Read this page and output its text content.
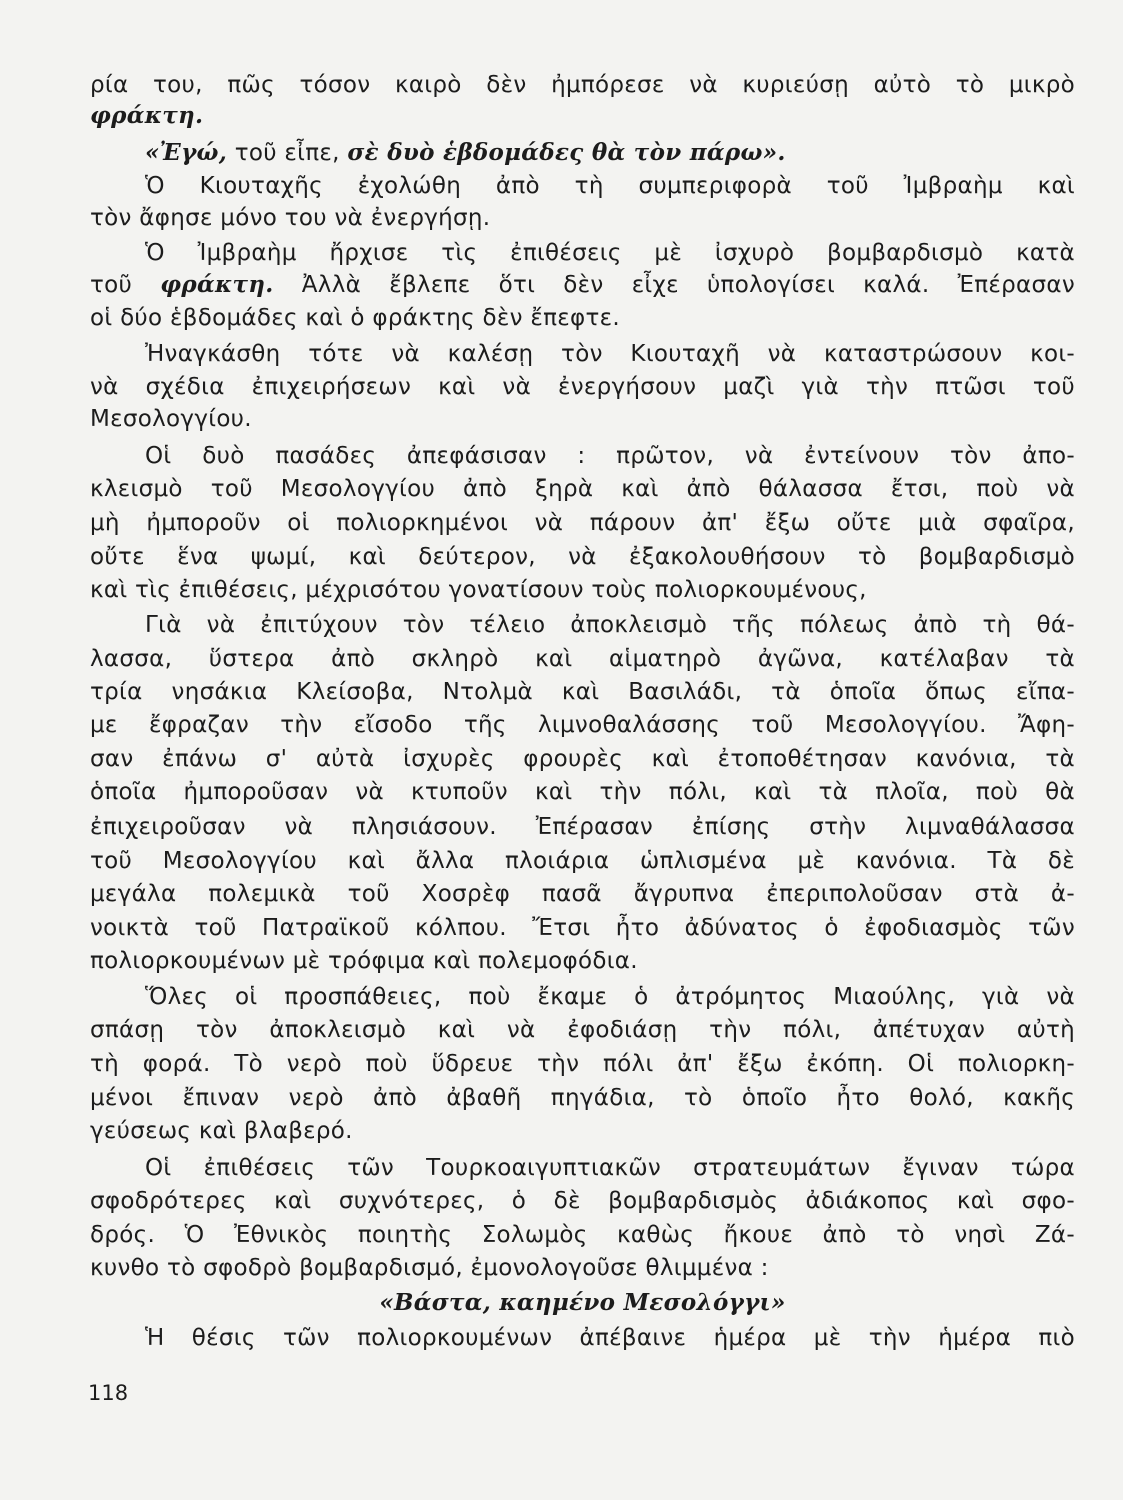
ρία του, πῶς τόσον καιρὸ δὲν ἠμπόρεσε νὰ κυριεύσῃ αὐτὸ τὸ μικρὸ
φράκτη.
«Ἐγώ, τοῦ εἶπε, σὲ δυὸ ἑβδομάδες θὰ τὸν πάρω».
Ὁ Κιουταχῆς ἐχολώθη ἀπὸ τὴ συμπεριφορὰ τοῦ Ἰμβραὴμ καὶ
τὸν ἄφησε μόνο του νὰ ἐνεργήσῃ.
Ὁ Ἰμβραὴμ ἤρχισε τὶς ἐπιθέσεις μὲ ἰσχυρὸ βομβαρδισμὸ κατὰ
τοῦ φράκτη. Ἀλλὰ ἔβλεπε ὅτι δὲν εἶχε ὑπολογίσει καλά. Ἐπέρασαν
οἱ δύο ἑβδομάδες καὶ ὁ φράκτης δὲν ἔπεφτε.
Ἠναγκάσθη τότε νὰ καλέσῃ τὸν Κιουταχῆ νὰ καταστρώσουν κοι-
νὰ σχέδια ἐπιχειρήσεων καὶ νὰ ἐνεργήσουν μαζὶ γιὰ τὴν πτῶσι τοῦ
Μεσολογγίου.
Οἱ δυὸ πασάδες ἀπεφάσισαν : πρῶτον, νὰ ἐντείνουν τὸν ἀπο-
κλεισμὸ τοῦ Μεσολογγίου ἀπὸ ξηρὰ καὶ ἀπὸ θάλασσα ἔτσι, ποὺ νὰ
μὴ ἠμποροῦν οἱ πολιορκημένοι νὰ πάρουν ἀπ' ἔξω οὔτε μιὰ σφαῖρα,
οὔτε ἕνα ψωμί, καὶ δεύτερον, νὰ ἐξακολουθήσουν τὸ βομβαρδισμὸ
καὶ τὶς ἐπιθέσεις, μέχρισότου γονατίσουν τοὺς πολιορκουμένους,
Γιὰ νὰ ἐπιτύχουν τὸν τέλειο ἀποκλεισμὸ τῆς πόλεως ἀπὸ τὴ θά-
λασσα, ὕστερα ἀπὸ σκληρὸ καὶ αἱματηρὸ ἀγῶνα, κατέλαβαν τὰ
τρία νησάκια Κλείσοβα, Ντολμὰ καὶ Βασιλάδι, τὰ ὁποῖα ὅπως εἴπα-
με ἔφραζαν τὴν εἴσοδο τῆς λιμνοθαλάσσης τοῦ Μεσολογγίου. Ἄφη-
σαν ἐπάνω σ' αὐτὰ ἰσχυρὲς φρουρὲς καὶ ἐτοποθέτησαν κανόνια, τὰ
ὁποῖα ἠμποροῦσαν νὰ κτυποῦν καὶ τὴν πόλι, καὶ τὰ πλοῖα, ποὺ θὰ
ἐπιχειροῦσαν νὰ πλησιάσουν. Ἐπέρασαν ἐπίσης στὴν λιμναθάλασσα
τοῦ Μεσολογγίου καὶ ἄλλα πλοιάρια ὡπλισμένα μὲ κανόνια. Τὰ δὲ
μεγάλα πολεμικὰ τοῦ Χοσρὲφ πασᾶ ἄγρυπνα ἐπεριπολοῦσαν στὰ ἀ-
νοικτὰ τοῦ Πατραϊκοῦ κόλπου. Ἔτσι ἦτο ἀδύνατος ὁ ἐφοδιασμὸς τῶν
πολιορκουμένων μὲ τρόφιμα καὶ πολεμοφόδια.
Ὅλες οἱ προσπάθειες, ποὺ ἔκαμε ὁ ἀτρόμητος Μιαούλης, γιὰ νὰ
σπάσῃ τὸν ἀποκλεισμὸ καὶ νὰ ἐφοδιάσῃ τὴν πόλι, ἀπέτυχαν αὐτὴ
τὴ φορά. Τὸ νερὸ ποὺ ὕδρευε τὴν πόλι ἀπ' ἔξω ἐκόπη. Οἱ πολιορκη-
μένοι ἔπιναν νερὸ ἀπὸ ἀβαθῆ πηγάδια, τὸ ὁποῖο ἦτο θολό, κακῆς
γεύσεως καὶ βλαβερό.
Οἱ ἐπιθέσεις τῶν Τουρκοαιγυπτιακῶν στρατευμάτων ἔγιναν τώρα
σφοδρότερες καὶ συχνότερες, ὁ δὲ βομβαρδισμὸς ἀδιάκοπος καὶ σφο-
δρός. Ὁ Ἐθνικὸς ποιητὴς Σολωμὸς καθὼς ἤκουε ἀπὸ τὸ νησὶ Ζά-
κυνθο τὸ σφοδρὸ βομβαρδισμό, ἐμονολογοῦσε θλιμμένα :
«Βάστα, καημένο Μεσολόγγι»
Ἡ θέσις τῶν πολιορκουμένων ἀπέβαινε ἡμέρα μὲ τὴν ἡμέρα πιὸ
118
